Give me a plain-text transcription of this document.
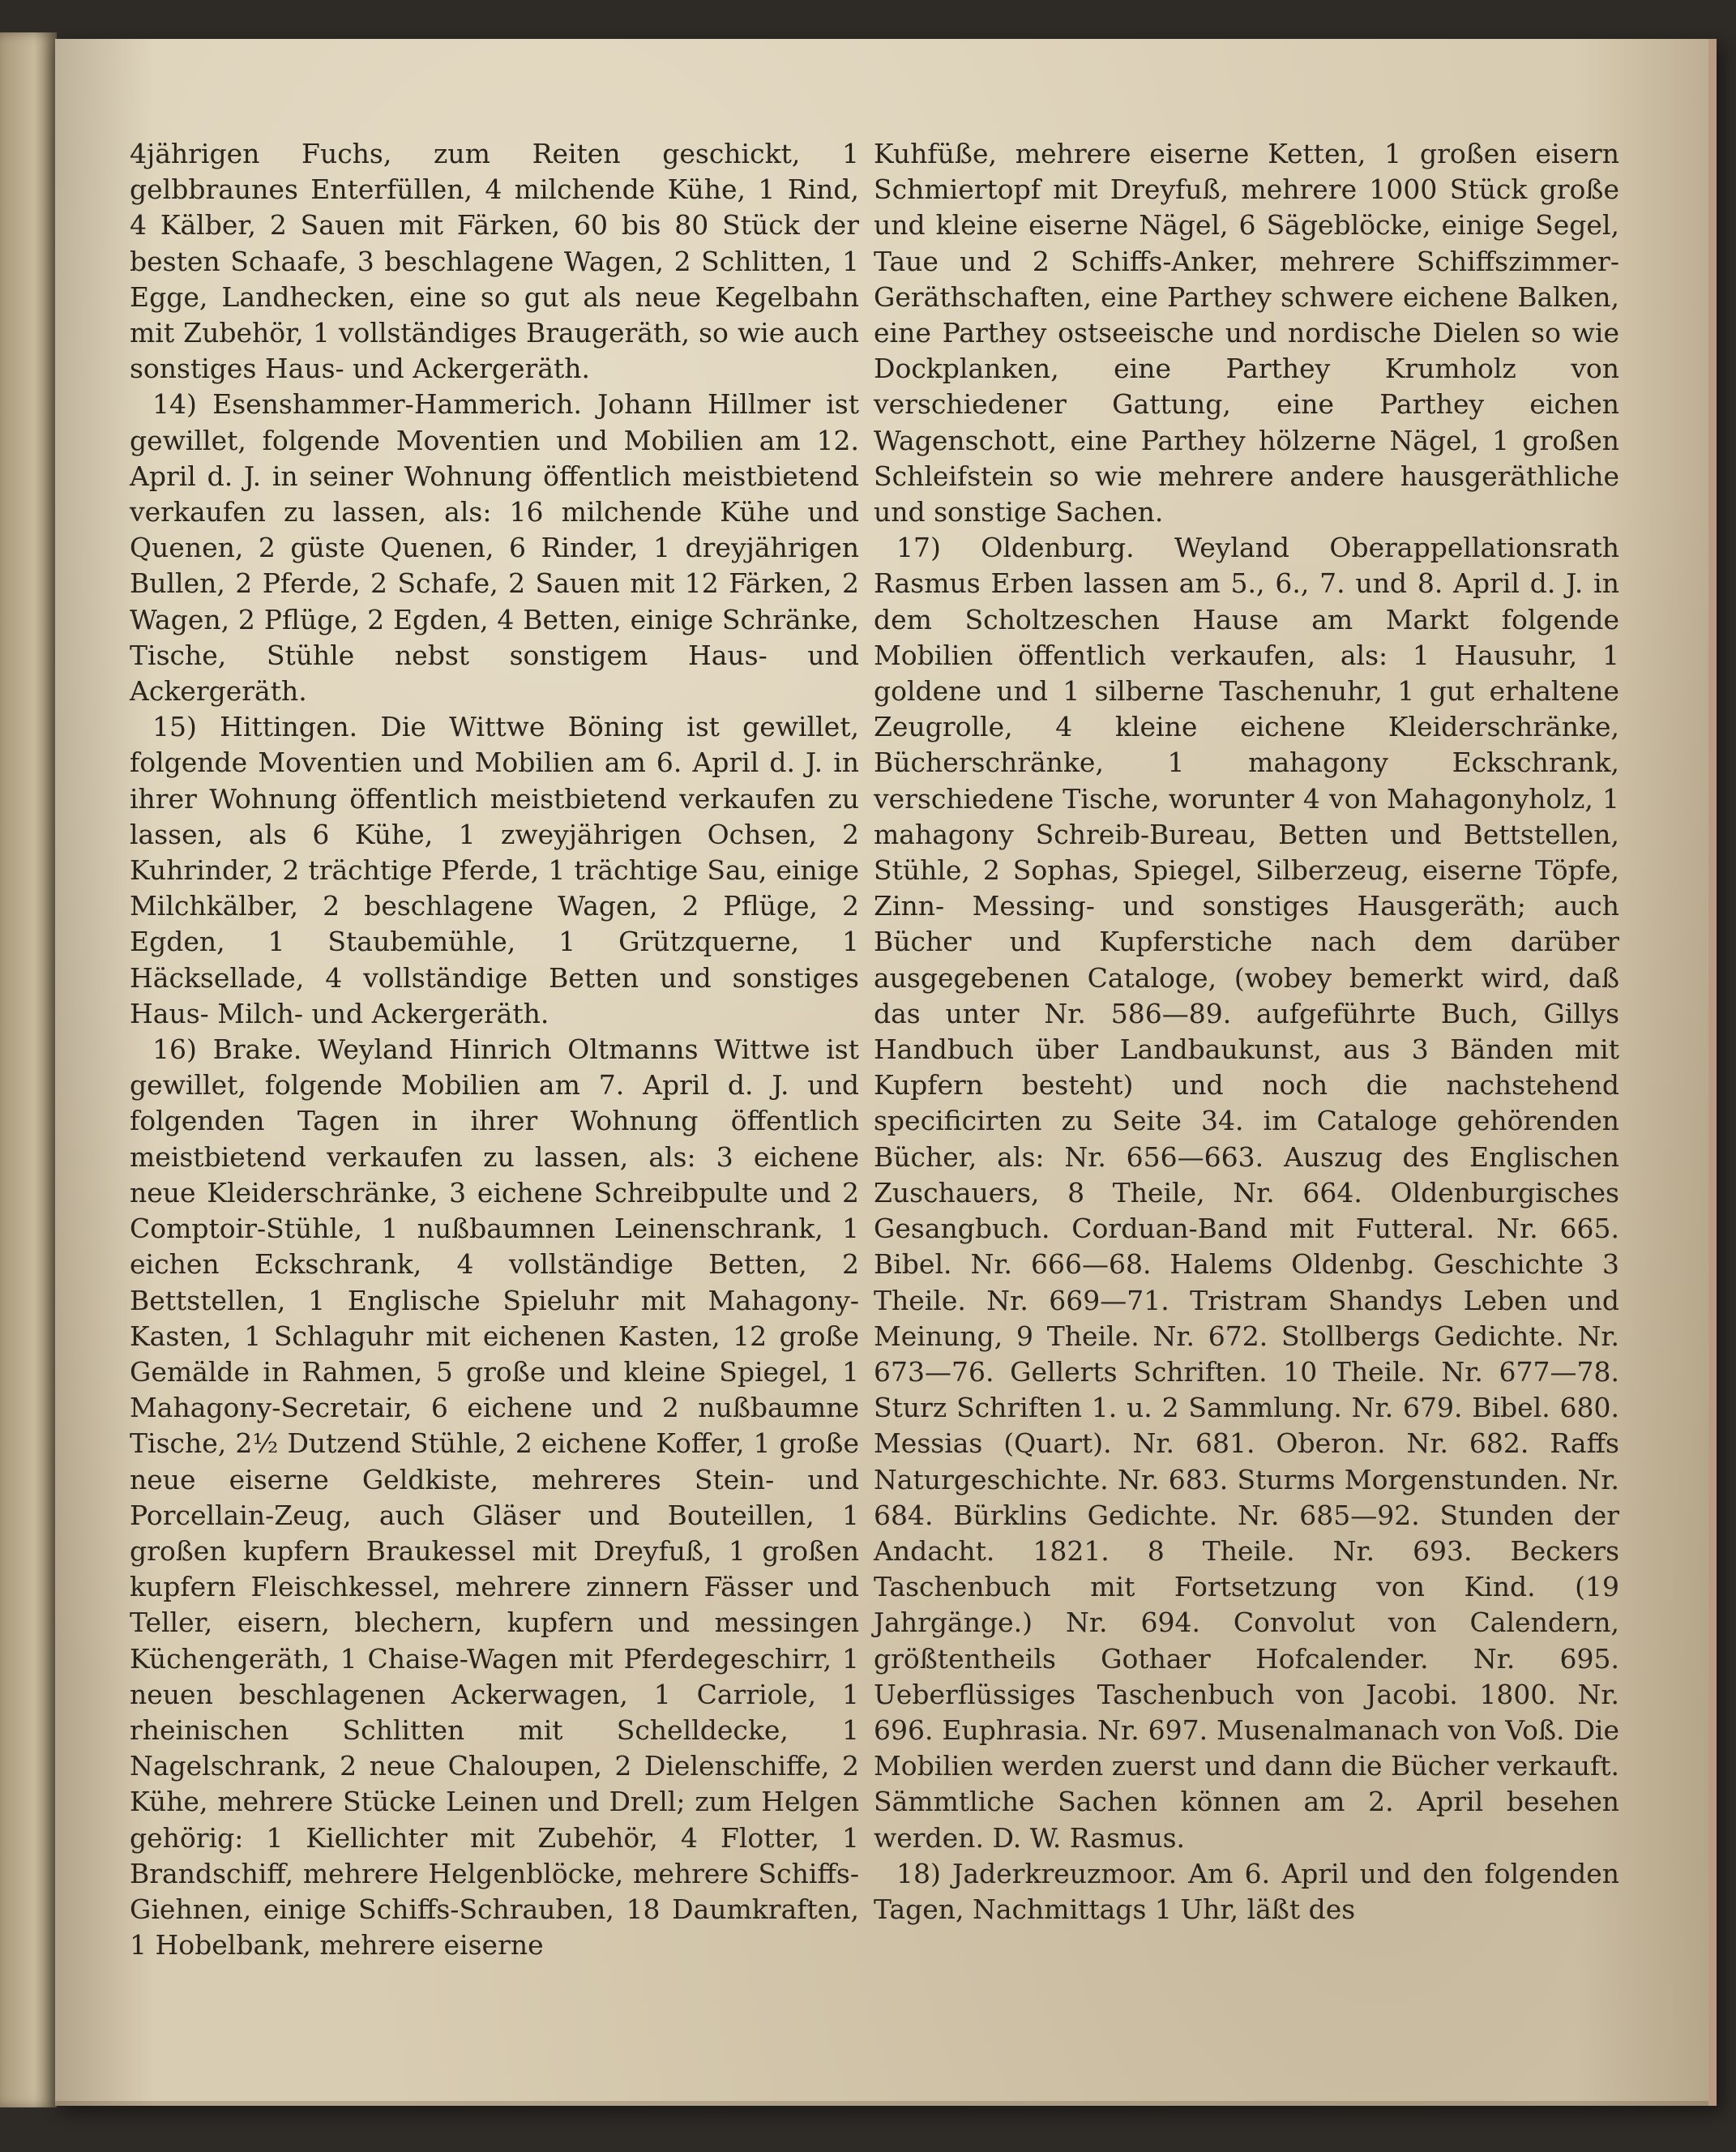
4jährigen Fuchs, zum Reiten geschickt, 1 gelbbraunes Enterfüllen, 4 milchende Kühe, 1 Rind, 4 Kälber, 2 Sauen mit Färken, 60 bis 80 Stück der besten Schaafe, 3 beschlagene Wagen, 2 Schlitten, 1 Egge, Landhecken, eine so gut als neue Kegelbahn mit Zubehör, 1 vollständiges Braugeräth, so wie auch sonstiges Haus- und Ackergeräth.

14) Esenshammer-Hammerich. Johann Hillmer ist gewillet, folgende Moventien und Mobilien am 12. April d. J. in seiner Wohnung öffentlich meistbietend verkaufen zu lassen, als: 16 milchende Kühe und Quenen, 2 güste Quenen, 6 Rinder, 1 dreyjährigen Bullen, 2 Pferde, 2 Schafe, 2 Sauen mit 12 Färken, 2 Wagen, 2 Pflüge, 2 Egden, 4 Betten, einige Schränke, Tische, Stühle nebst sonstigem Haus- und Ackergeräth.

15) Hittingen. Die Wittwe Böning ist gewillet, folgende Moventien und Mobilien am 6. April d. J. in ihrer Wohnung öffentlich meistbietend verkaufen zu lassen, als 6 Kühe, 1 zweyjährigen Ochsen, 2 Kuhrinder, 2 trächtige Pferde, 1 trächtige Sau, einige Milchkälber, 2 beschlagene Wagen, 2 Pflüge, 2 Egden, 1 Staubemühle, 1 Grützquerne, 1 Häcksellade, 4 vollständige Betten und sonstiges Haus- Milch- und Ackergeräth.

16) Brake. Weyland Hinrich Oltmanns Wittwe ist gewillet, folgende Mobilien am 7. April d. J. und folgenden Tagen in ihrer Wohnung öffentlich meistbietend verkaufen zu lassen, als: 3 eichene neue Kleiderschränke, 3 eichene Schreibpulte und 2 Comptoir-Stühle, 1 nußbaumnen Leinenschrank, 1 eichen Eckschrank, 4 vollständige Betten, 2 Bettstellen, 1 Englische Spieluhr mit Mahagony-Kasten, 1 Schlaguhr mit eichenen Kasten, 12 große Gemälde in Rahmen, 5 große und kleine Spiegel, 1 Mahagony-Secretair, 6 eichene und 2 nußbaumne Tische, 2½ Dutzend Stühle, 2 eichene Koffer, 1 große neue eiserne Geldkiste, mehreres Stein- und Porcellain-Zeug, auch Gläser und Bouteillen, 1 großen kupfern Braukessel mit Dreyfuß, 1 großen kupfern Fleischkessel, mehrere zinnern Fässer und Teller, eisern, blechern, kupfern und messingen Küchengeräth, 1 Chaise-Wagen mit Pferdegeschirr, 1 neuen beschlagenen Ackerwagen, 1 Carriole, 1 rheinischen Schlitten mit Schelldecke, 1 Nagelschrank, 2 neue Chaloupen, 2 Dielenschiffe, 2 Kühe, mehrere Stücke Leinen und Drell; zum Helgen gehörig: 1 Kiellichter mit Zubehör, 4 Flotter, 1 Brandschiff, mehrere Helgenblöcke, mehrere Schiffs-Giehnen, einige Schiffs-Schrauben, 18 Daumkraften, 1 Hobelbank, mehrere eiserne

Kuhfüße, mehrere eiserne Ketten, 1 großen eisern Schmiertopf mit Dreyfuß, mehrere 1000 Stück große und kleine eiserne Nägel, 6 Sägeblöcke, einige Segel, Taue und 2 Schiffs-Anker, mehrere Schiffszimmer-Geräthschaften, eine Parthey schwere eichene Balken, eine Parthey ostseeische und nordische Dielen so wie Dockplanken, eine Parthey Krumholz von verschiedener Gattung, eine Parthey eichen Wagenschott, eine Parthey hölzerne Nägel, 1 großen Schleifstein so wie mehrere andere hausgeräthliche und sonstige Sachen.

17) Oldenburg. Weyland Oberappellationsrath Rasmus Erben lassen am 5., 6., 7. und 8. April d. J. in dem Scholtzeschen Hause am Markt folgende Mobilien öffentlich verkaufen, als: 1 Hausuhr, 1 goldene und 1 silberne Taschenuhr, 1 gut erhaltene Zeugrolle, 4 kleine eichene Kleiderschränke, Bücherschränke, 1 mahagony Eckschrank, verschiedene Tische, worunter 4 von Mahagonyholz, 1 mahagony Schreib-Bureau, Betten und Bettstellen, Stühle, 2 Sophas, Spiegel, Silberzeug, eiserne Töpfe, Zinn- Messing- und sonstiges Hausgeräth; auch Bücher und Kupferstiche nach dem darüber ausgegebenen Cataloge, (wobey bemerkt wird, daß das unter Nr. 586—89. aufgeführte Buch, Gillys Handbuch über Landbaukunst, aus 3 Bänden mit Kupfern besteht) und noch die nachstehend specificirten zu Seite 34. im Cataloge gehörenden Bücher, als: Nr. 656—663. Auszug des Englischen Zuschauers, 8 Theile, Nr. 664. Oldenburgisches Gesangbuch. Corduan-Band mit Futteral. Nr. 665. Bibel. Nr. 666—68. Halems Oldenbg. Geschichte 3 Theile. Nr. 669—71. Tristram Shandys Leben und Meinung, 9 Theile. Nr. 672. Stollbergs Gedichte. Nr. 673—76. Gellerts Schriften. 10 Theile. Nr. 677—78. Sturz Schriften 1. u. 2 Sammlung. Nr. 679. Bibel. 680. Messias (Quart). Nr. 681. Oberon. Nr. 682. Raffs Naturgeschichte. Nr. 683. Sturms Morgenstunden. Nr. 684. Bürklins Gedichte. Nr. 685—92. Stunden der Andacht. 1821. 8 Theile. Nr. 693. Beckers Taschenbuch mit Fortsetzung von Kind. (19 Jahrgänge.) Nr. 694. Convolut von Calendern, größtentheils Gothaer Hofcalender. Nr. 695. Ueberflüssiges Taschenbuch von Jacobi. 1800. Nr. 696. Euphrasia. Nr. 697. Musenalmanach von Voß. Die Mobilien werden zuerst und dann die Bücher verkauft. Sämmtliche Sachen können am 2. April besehen werden. D. W. Rasmus.

18) Jaderkreuzmoor. Am 6. April und den folgenden Tagen, Nachmittags 1 Uhr, läßt des
